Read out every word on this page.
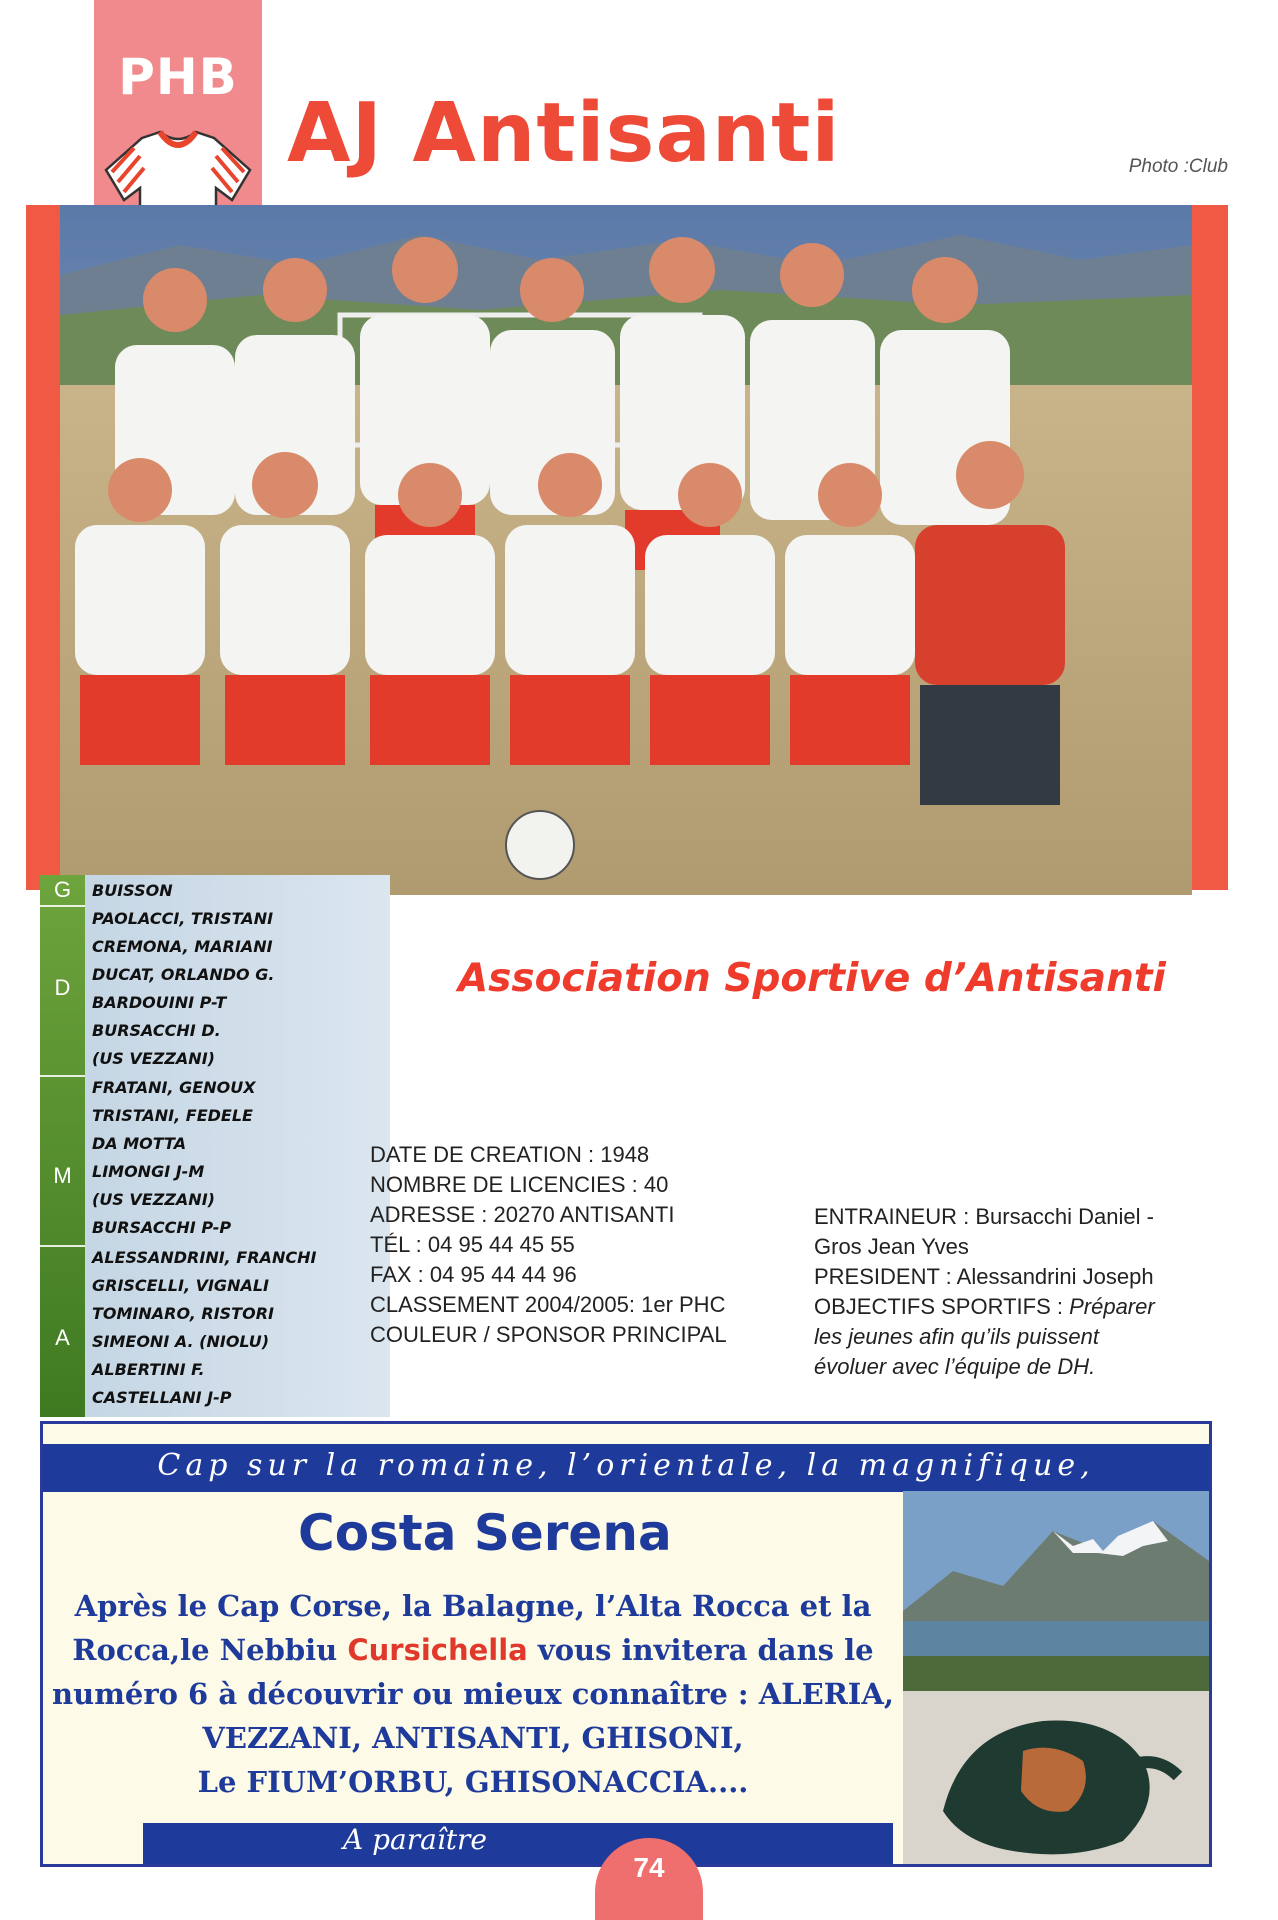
PHB
AJ Antisanti	Photo :Club
G
D
M
A
BUISSON
PAOLACCI, TRISTANI
CREMONA, MARIANI
DUCAT, ORLANDO G.
BARDOUINI P-T
BURSACCHI D.
(US VEZZANI)
FRATANI, GENOUX
TRISTANI, FEDELE
DA MOTTA
LIMONGI J-M
(US VEZZANI)
BURSACCHI P-P
ALESSANDRINI, FRANCHI
GRISCELLI, VIGNALI
TOMINARO, RISTORI
SIMEONI A. (NIOLU)
ALBERTINI F.
CASTELLANI J-P
Association Sportive d’Antisanti
DATE DE CREATION : 1948
NOMBRE DE LICENCIES : 40
ADRESSE : 20270 ANTISANTI
TÉL : 04 95 44 45 55
FAX : 04 95 44 44 96
CLASSEMENT 2004/2005: 1er PHC
COULEUR / SPONSOR PRINCIPAL
ENTRAINEUR : Bursacchi Daniel -
Gros Jean Yves
PRESIDENT : Alessandrini Joseph
OBJECTIFS SPORTIFS : Préparer
les jeunes afin qu’ils puissent
évoluer avec l’équipe de DH.
Cap sur la romaine, l’orientale, la magnifique,
Costa Serena
Après le Cap Corse, la Balagne, l’Alta Rocca et la
Rocca,le Nebbiu Cursichella vous invitera dans le
numéro 6 à découvrir ou mieux connaître : ALERIA,
VEZZANI, ANTISANTI, GHISONI,
Le FIUM’ORBU, GHISONACCIA....
A paraître
74
